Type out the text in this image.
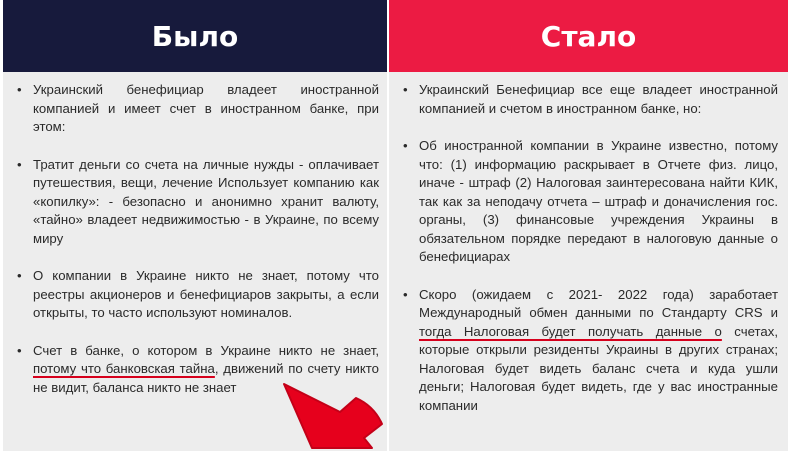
Было
• Украинский бенефициар владеет иностранной компанией и имеет счет в иностранном банке, при этом:
• Тратит деньги со счета на личные нужды - оплачивает путешествия, вещи, лечение Использует компанию как «копилку»: - безопасно и анонимно хранит валюту, «тайно» владеет недвижимостью - в Украине, по всему миру
• О компании в Украине никто не знает, потому что реестры акционеров и бенефициаров закрыты, а если открыты, то часто используют номиналов.
• Счет в банке, о котором в Украине никто не знает, потому что банковская тайна, движений по счету никто не видит, баланса никто не знает
Стало
• Украинский Бенефициар все еще владеет иностранной компанией и счетом в иностранном банке, но:
• Об иностранной компании в Украине известно, потому что: (1) информацию раскрывает в Отчете физ. лицо, иначе - штраф (2) Налоговая заинтересована найти КИК, так как за неподачу отчета – штраф и доначисления гос. органы, (3) финансовые учреждения Украины в обязательном порядке передают в налоговую данные о бенефициарах
• Скоро (ожидаем с 2021- 2022 года) заработает Международный обмен данными по Стандарту CRS и тогда Налоговая будет получать данные о счетах, которые открыли резиденты Украины в других странах; Налоговая будет видеть баланс счета и куда ушли деньги; Налоговая будет видеть, где у вас иностранные компании
